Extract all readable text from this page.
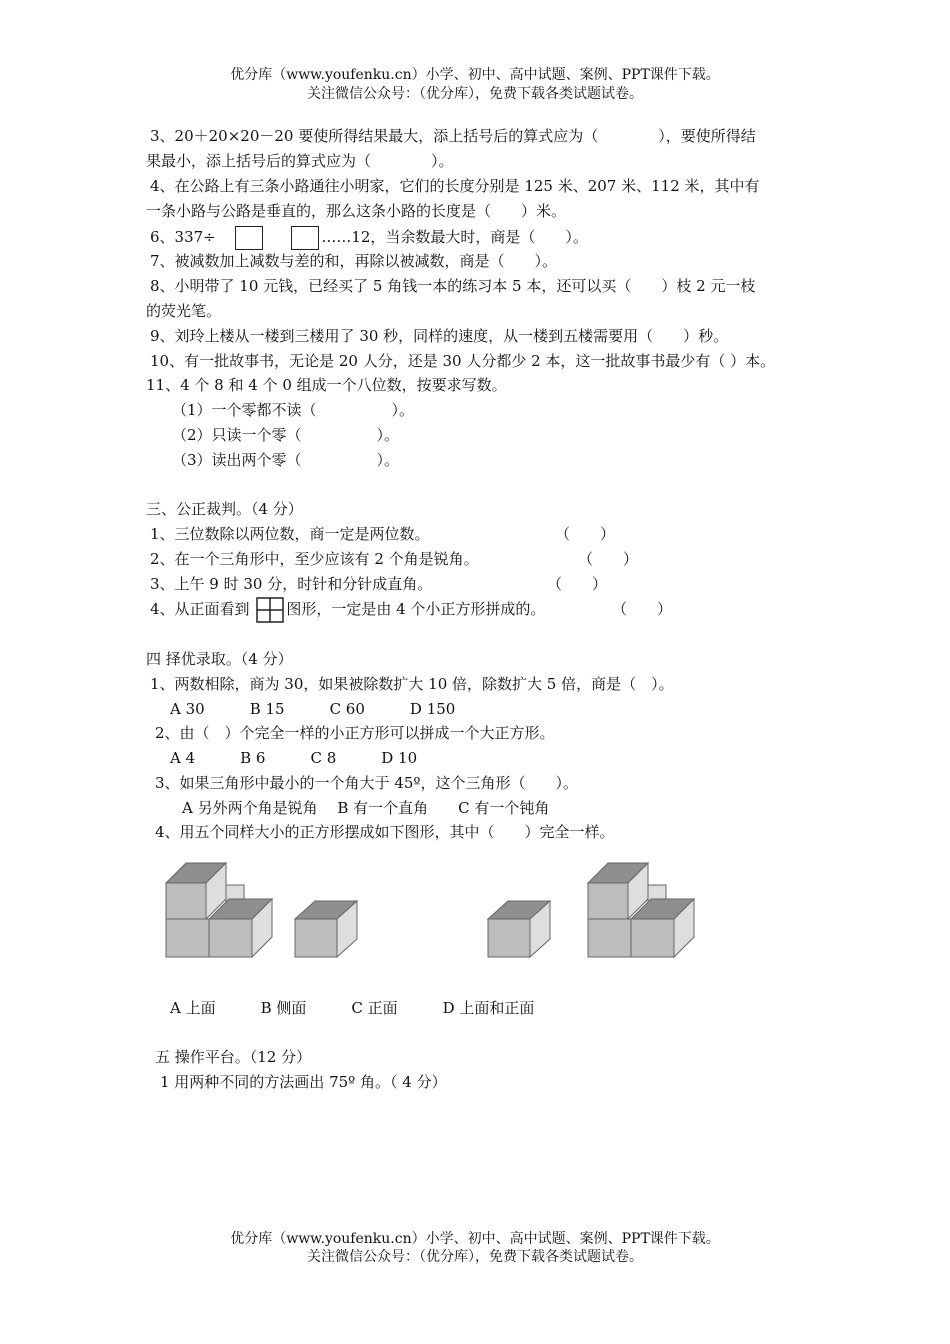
优分库（www.youfenku.cn）小学、初中、高中试题、案例、PPT课件下载。
关注微信公众号：（优分库），免费下载各类试题试卷。
3、20＋20×20－20 要使所得结果最大，添上括号后的算式应为（　　　　），要使所得结
果最小，添上括号后的算式应为（　　　　）。
4、在公路上有三条小路通往小明家，它们的长度分别是 125 米、207 米、112 米，其中有
一条小路与公路是垂直的，那么这条小路的长度是（　　）米。
6、337÷	……12，当余数最大时，商是（　　）。
7、被减数加上减数与差的和，再除以被减数，商是（　　）。
8、小明带了 10 元钱，已经买了 5 角钱一本的练习本 5 本，还可以买（　　）枝 2 元一枝
的荧光笔。
9、刘玲上楼从一楼到三楼用了 30 秒，同样的速度，从一楼到五楼需要用（　　）秒。
10、有一批故事书，无论是 20 人分，还是 30 人分都少 2 本，这一批故事书最少有（ ）本。
11、4 个 8 和 4 个 0 组成一个八位数，按要求写数。
（1）一个零都不读（　　　　　）。
（2）只读一个零（　　　　　）。
（3）读出两个零（　　　　　）。
三、公正裁判。（4 分）
1、三位数除以两位数，商一定是两位数。	（　　）
2、在一个三角形中，至少应该有 2 个角是锐角。	（　　）
3、上午 9 时 30 分，时针和分针成直角。	（　　）
4、从正面看到 图形，一定是由 4 个小正方形拼成的。	（　　）
四 择优录取。（4 分）
1、两数相除，商为 30，如果被除数扩大 10 倍，除数扩大 5 倍，商是（　）。
A 30　　　B 15　　　C 60　　　D 150
2、由（　）个完全一样的小正方形可以拼成一个大正方形。
A 4　　　B 6　　　C 8　　　D 10
3、如果三角形中最小的一个角大于 45º，这个三角形（　　）。
A 另外两个角是锐角　 B 有一个直角　　C 有一个钝角
4、用五个同样大小的正方形摆成如下图形，其中（　　）完全一样。
A 上面　　　B 侧面　　　C 正面　　　D 上面和正面
五 操作平台。（12 分）
1 用两种不同的方法画出 75º 角。（ 4 分）
优分库（www.youfenku.cn）小学、初中、高中试题、案例、PPT课件下载。
关注微信公众号：（优分库），免费下载各类试题试卷。
